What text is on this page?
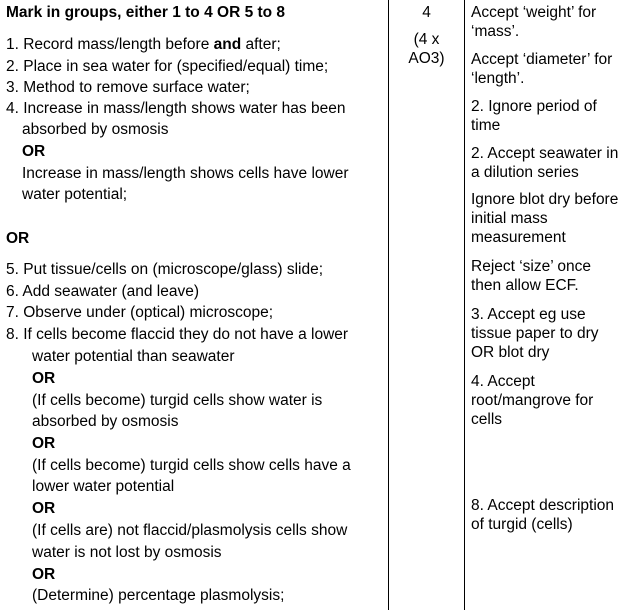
Mark in groups, either 1 to 4 OR 5 to 8
1. Record mass/length before and after;
2. Place in sea water for (specified/equal) time;
3. Method to remove surface water;
4. Increase in mass/length shows water has been
absorbed by osmosis
OR
Increase in mass/length shows cells have lower
water potential;
OR
5. Put tissue/cells on (microscope/glass) slide;
6. Add seawater (and leave)
7. Observe under (optical) microscope;
8. If cells become flaccid they do not have a lower
water potential than seawater
OR
(If cells become) turgid cells show water is
absorbed by osmosis
OR
(If cells become) turgid cells show cells have a
lower water potential
OR
(If cells are) not flaccid/plasmolysis cells show
water is not lost by osmosis
OR
(Determine) percentage plasmolysis;
4
(4 x
AO3)
Accept ‘weight’ for
‘mass’.
Accept ‘diameter’ for
‘length’.
2. Ignore period of
time
2. Accept seawater in
a dilution series
Ignore blot dry before
initial mass
measurement
Reject ‘size’ once
then allow ECF.
3. Accept eg use
tissue paper to dry
OR blot dry
4. Accept
root/mangrove for
cells
8. Accept description
of turgid (cells)
